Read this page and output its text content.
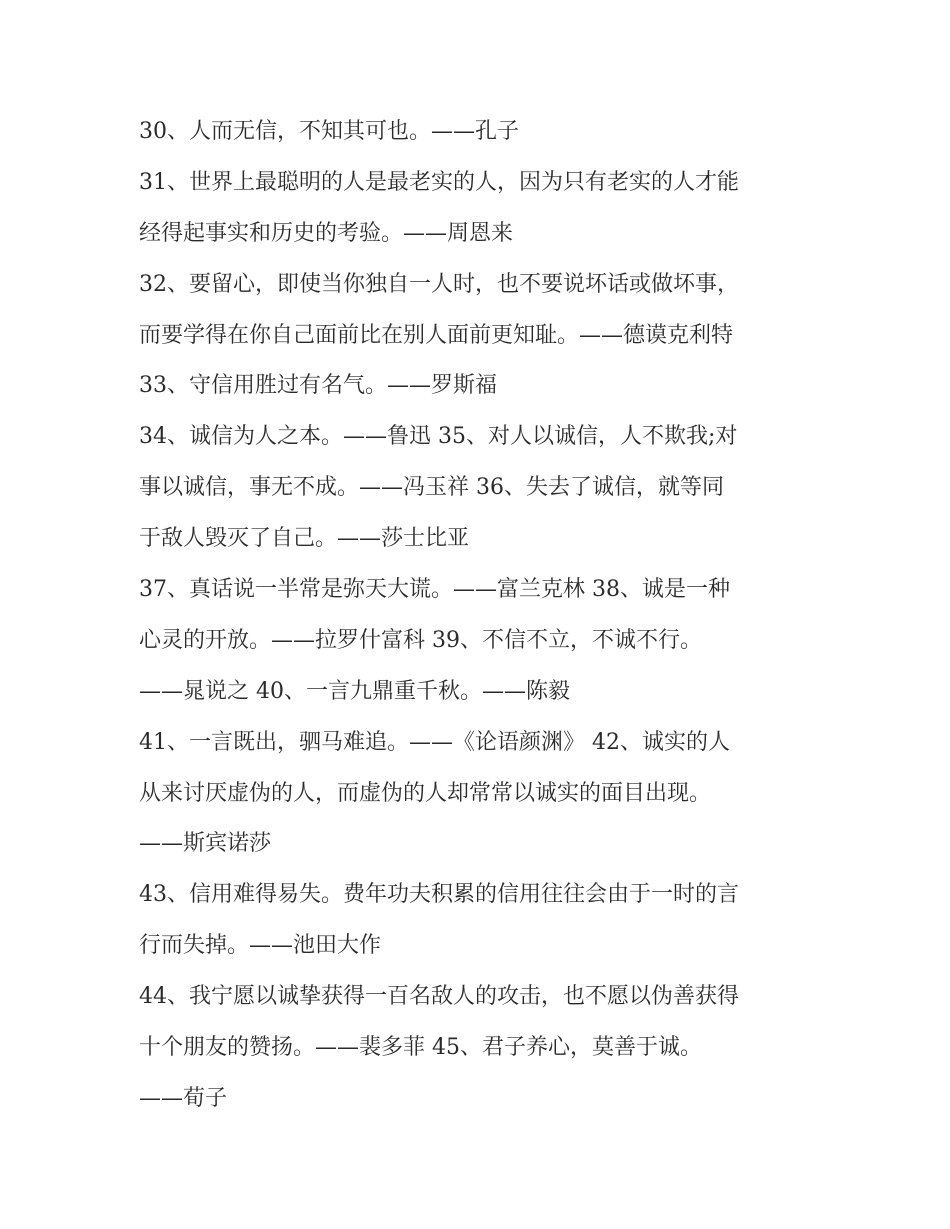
30、人而无信，不知其可也。——孔子
31、世界上最聪明的人是最老实的人，因为只有老实的人才能
经得起事实和历史的考验。——周恩来
32、要留心，即使当你独自一人时，也不要说坏话或做坏事，
而要学得在你自己面前比在别人面前更知耻。——德谟克利特
33、守信用胜过有名气。——罗斯福
34、诚信为人之本。——鲁迅 35、对人以诚信，人不欺我;对
事以诚信，事无不成。——冯玉祥 36、失去了诚信，就等同
于敌人毁灭了自己。——莎士比亚
37、真话说一半常是弥天大谎。——富兰克林 38、诚是一种
心灵的开放。——拉罗什富科 39、不信不立，不诚不行。
——晁说之 40、一言九鼎重千秋。——陈毅
41、一言既出，驷马难追。——《论语颜渊》 42、诚实的人
从来讨厌虚伪的人，而虚伪的人却常常以诚实的面目出现。
——斯宾诺莎
43、信用难得易失。费年功夫积累的信用往往会由于一时的言
行而失掉。——池田大作
44、我宁愿以诚挚获得一百名敌人的攻击，也不愿以伪善获得
十个朋友的赞扬。——裴多菲 45、君子养心，莫善于诚。
——荀子
